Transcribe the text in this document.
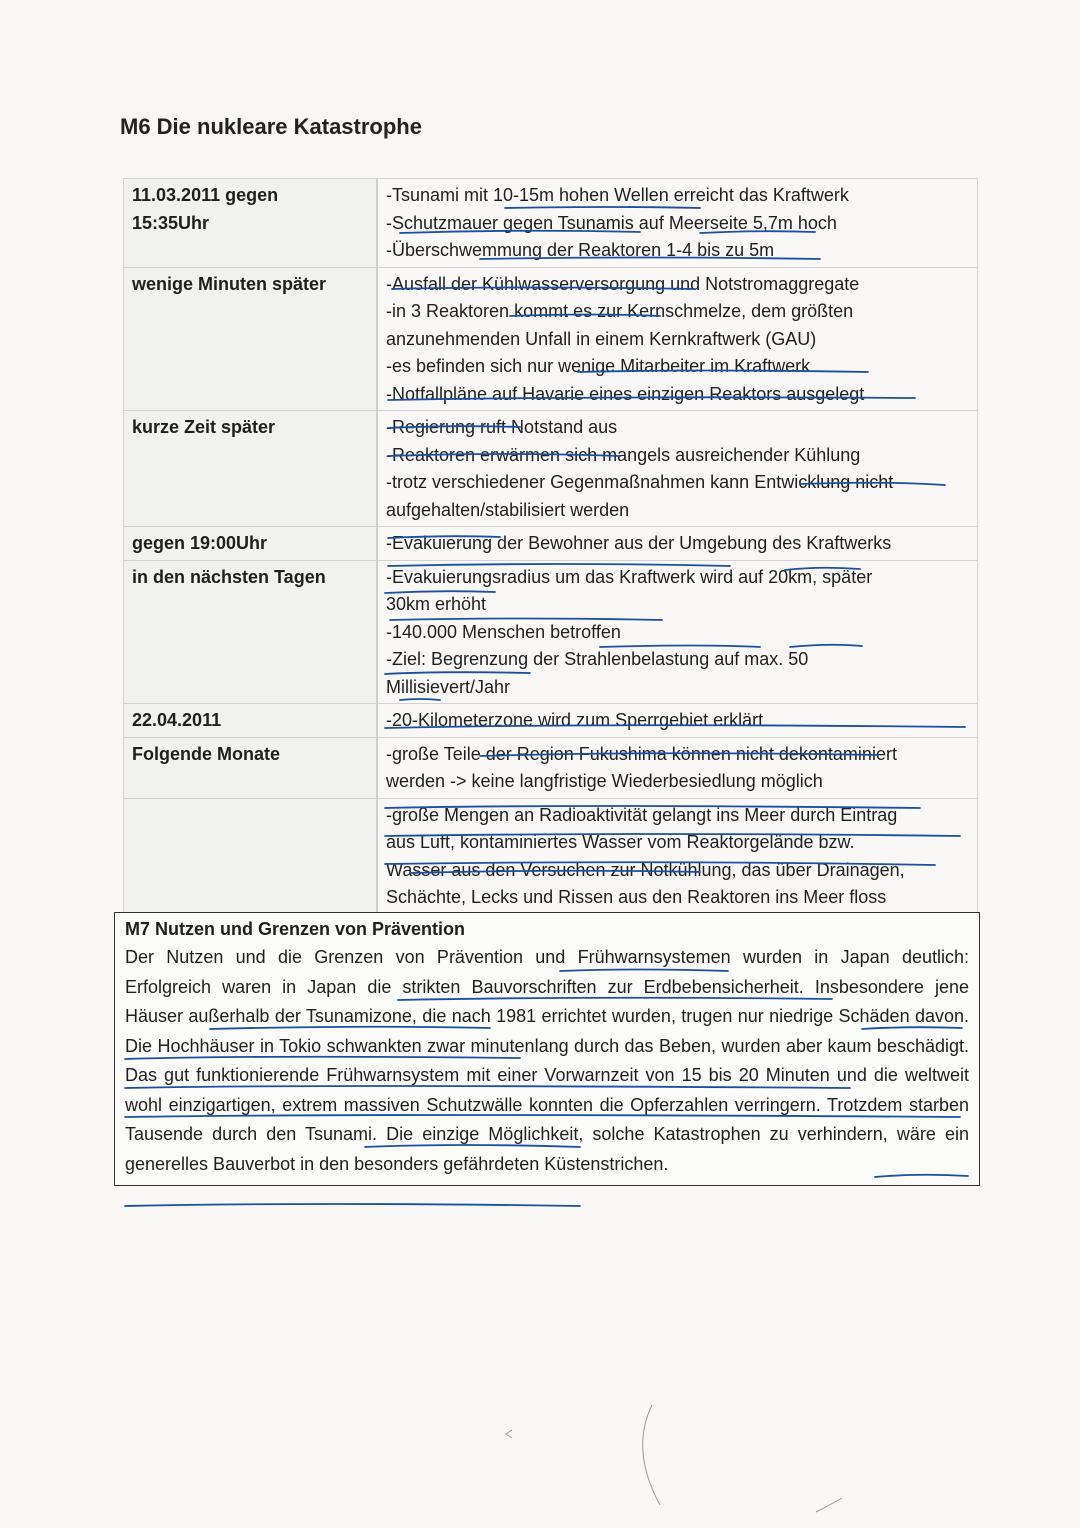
M6 Die nukleare Katastrophe
11.03.2011 gegen
15:35Uhr	-Tsunami mit 10-15m hohen Wellen erreicht das Kraftwerk
-Schutzmauer gegen Tsunamis auf Meerseite 5,7m hoch
-Überschwemmung der Reaktoren 1-4 bis zu 5m

wenige Minuten später	-Ausfall der Kühlwasserversorgung und Notstromaggregate
-in 3 Reaktoren kommt es zur Kernschmelze, dem größten
anzunehmenden Unfall in einem Kernkraftwerk (GAU)
-es befinden sich nur wenige Mitarbeiter im Kraftwerk
-Notfallpläne auf Havarie eines einzigen Reaktors ausgelegt

kurze Zeit später	-Regierung ruft Notstand aus
-Reaktoren erwärmen sich mangels ausreichender Kühlung
-trotz verschiedener Gegenmaßnahmen kann Entwicklung nicht
aufgehalten/stabilisiert werden

gegen 19:00Uhr	-Evakuierung der Bewohner aus der Umgebung des Kraftwerks

in den nächsten Tagen	-Evakuierungsradius um das Kraftwerk wird auf 20km, später
30km erhöht
-140.000 Menschen betroffen
-Ziel: Begrenzung der Strahlenbelastung auf max. 50
Millisievert/Jahr

22.04.2011	-20-Kilometerzone wird zum Sperrgebiet erklärt

Folgende Monate	-große Teile der Region Fukushima können nicht dekontaminiert
werden -> keine langfristige Wiederbesiedlung möglich

	-große Mengen an Radioaktivität gelangt ins Meer durch Eintrag
aus Luft, kontaminiertes Wasser vom Reaktorgelände bzw.
Wasser aus den Versuchen zur Notkühlung, das über Drainagen,
Schächte, Lecks und Rissen aus den Reaktoren ins Meer floss

M7 Nutzen und Grenzen von Prävention

Der Nutzen und die Grenzen von Prävention und Frühwarnsystemen wurden in Japan deutlich: Erfolgreich waren in Japan die strikten Bauvorschriften zur Erdbebensicherheit. Insbesondere jene Häuser außerhalb der Tsunamizone, die nach 1981 errichtet wurden, trugen nur niedrige Schäden davon. Die Hochhäuser in Tokio schwankten zwar minutenlang durch das Beben, wurden aber kaum beschädigt. Das gut funktionierende Frühwarnsystem mit einer Vorwarnzeit von 15 bis 20 Minuten und die weltweit wohl einzigartigen, extrem massiven Schutzwälle konnten die Opferzahlen verringern. Trotzdem starben Tausende durch den Tsunami. Die einzige Möglichkeit, solche Katastrophen zu verhindern, wäre ein generelles Bauverbot in den besonders gefährdeten Küstenstrichen.
